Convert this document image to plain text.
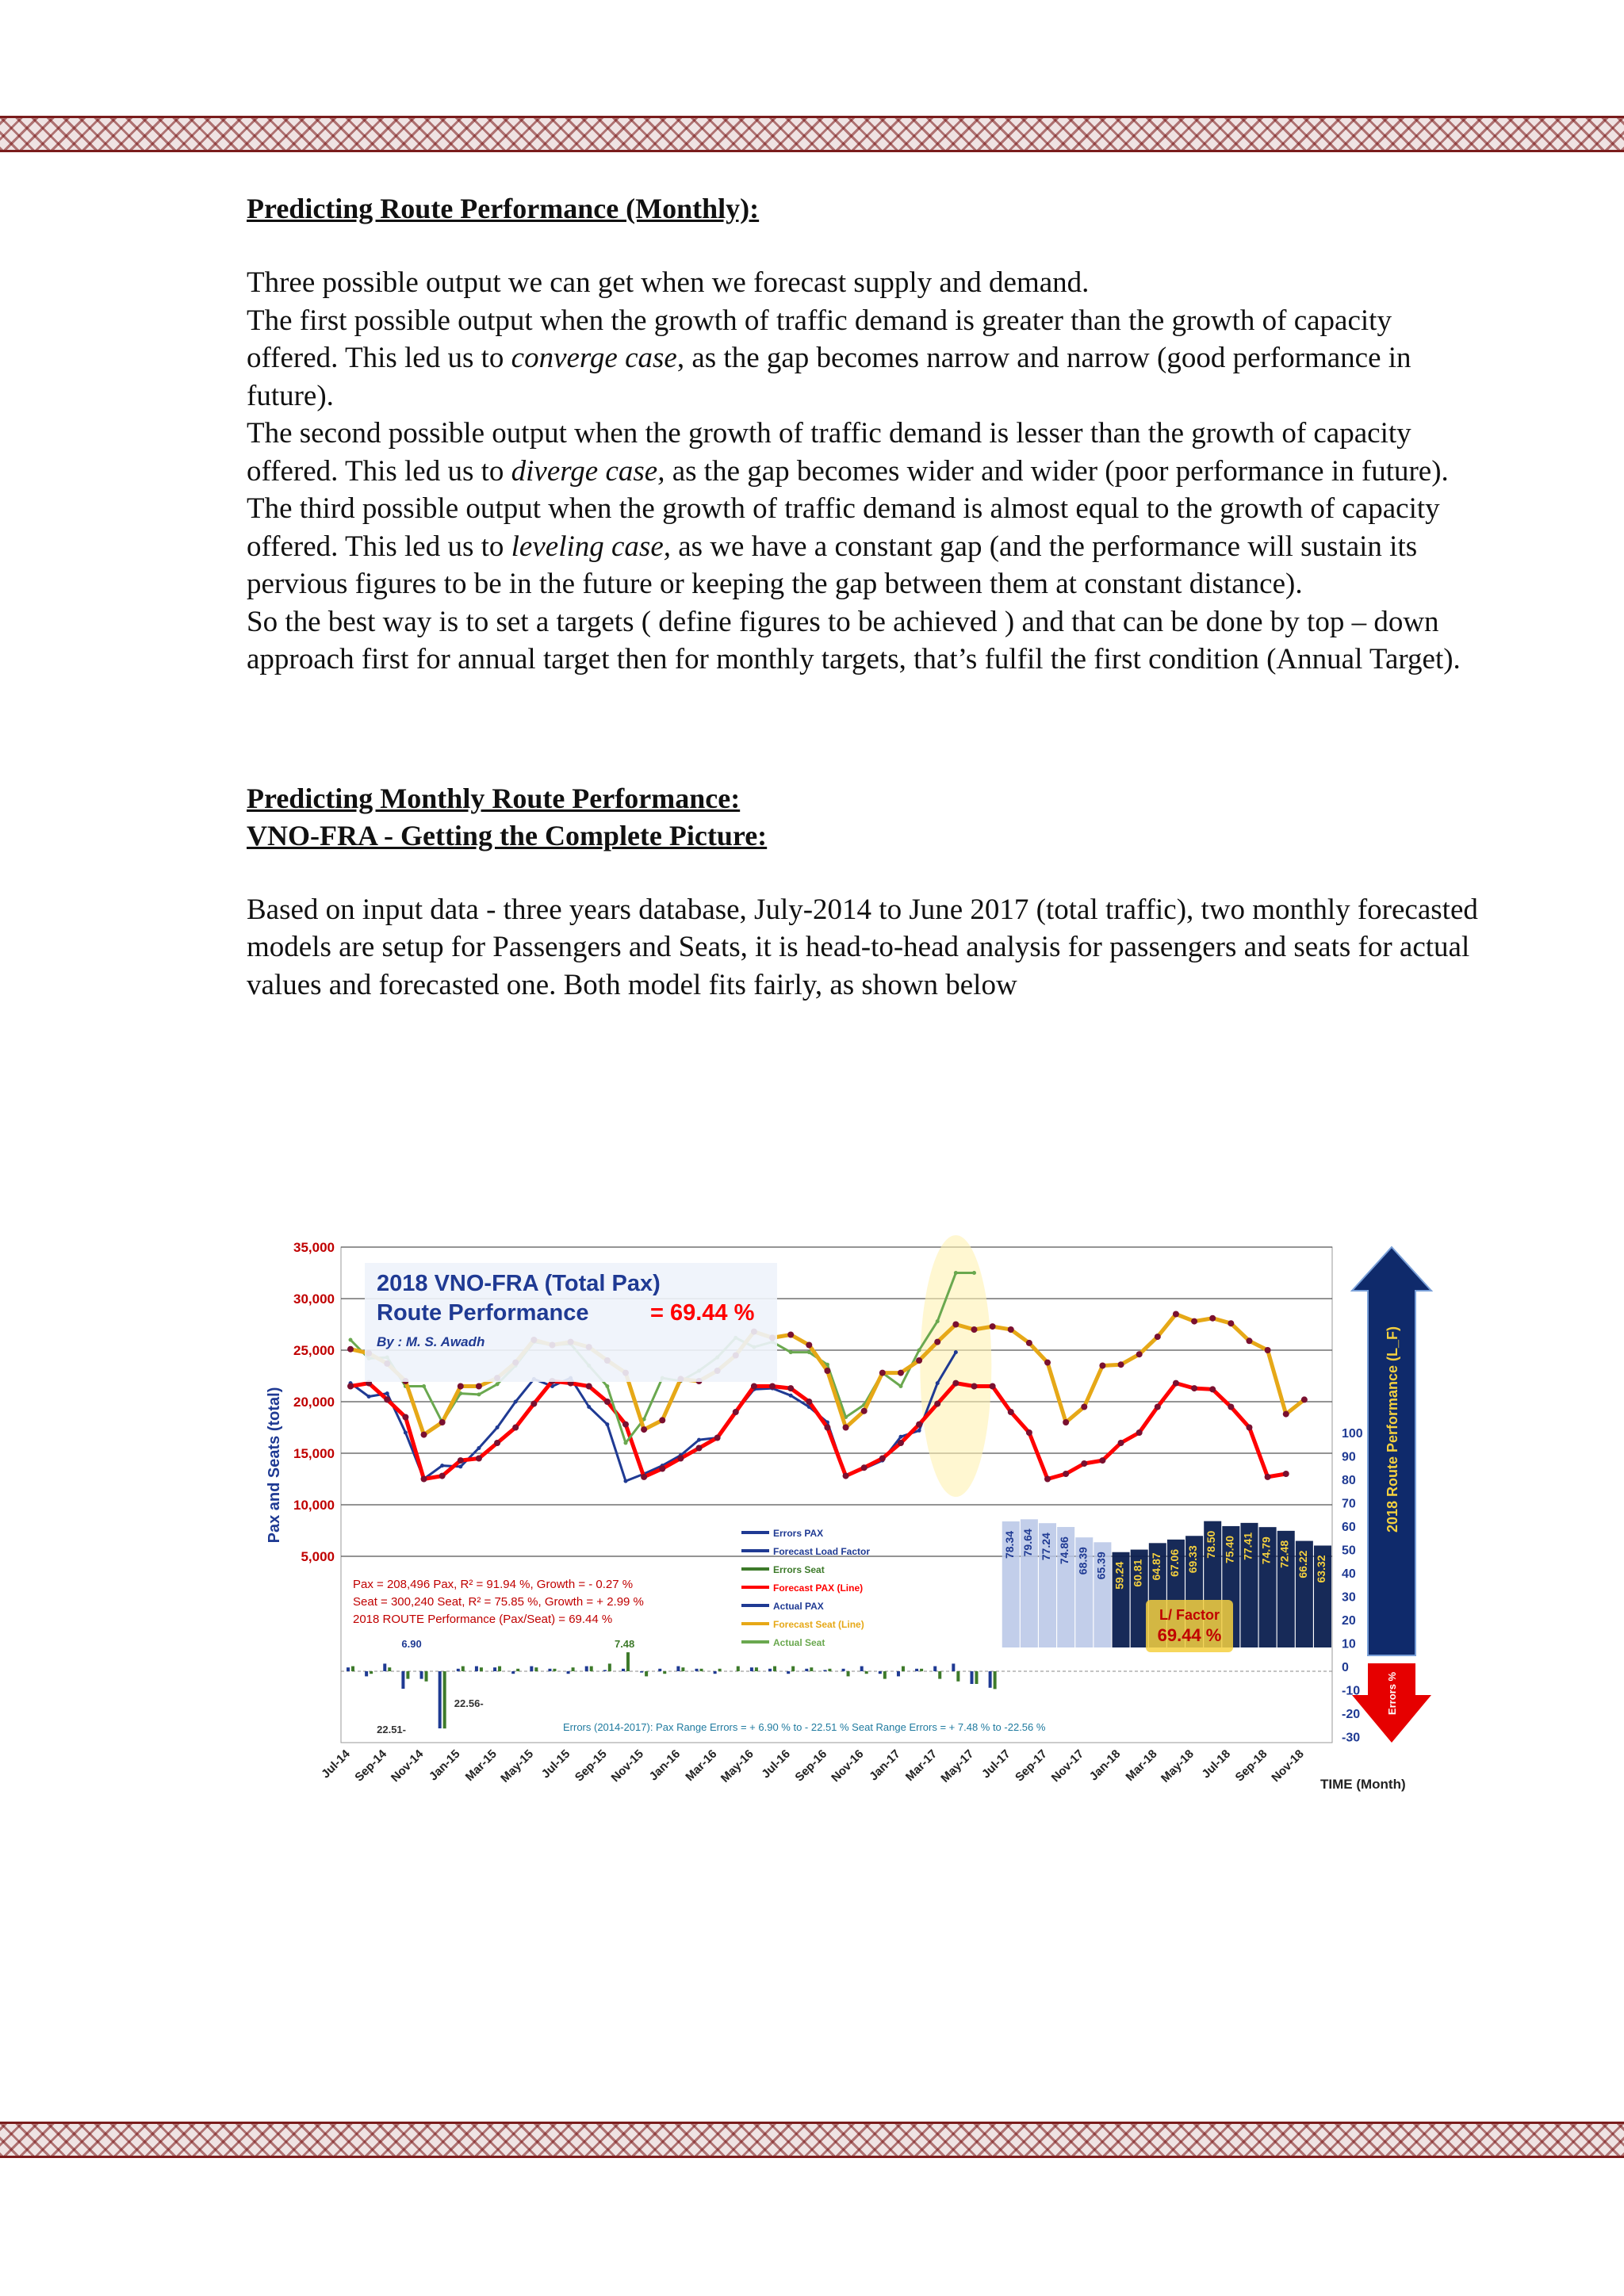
Predicting Route Performance (Monthly):

Three possible output we can get when we forecast supply and demand.

The first possible output when the growth of traffic demand is greater than the growth of capacity offered. This led us to converge case, as the gap becomes narrow and narrow (good performance in future).

The second possible output when the growth of traffic demand is lesser than the growth of capacity offered. This led us to diverge case, as the gap becomes wider and wider (poor performance in future).

The third possible output when the growth of traffic demand is almost equal to the growth of capacity offered. This led us to leveling case, as we have a constant gap (and the performance will sustain its pervious figures to be in the future or keeping the gap between them at constant distance).

So the best way is to set a targets ( define figures to be achieved ) and that can be done by top – down approach first for annual target then for monthly targets, that’s fulfil the first condition (Annual Target).

Predicting Monthly Route Performance:
VNO-FRA - Getting the Complete Picture:

Based on input data - three years database, July-2014 to June 2017 (total traffic), two monthly forecasted models are setup for Passengers and Seats, it is head-to-head analysis for passengers and seats for actual values and forecasted one. Both model fits fairly, as shown below

5,000
10,000
15,000
20,000
25,000
30,000
35,000
Pax and Seats (total)
78.34 79.64 77.24 74.86 68.39 65.39 59.24 60.81 64.87 67.06 69.33
78.50 75.40 77.41 74.79 72.48 66.22 63.32
L/ Factor
69.44 %
6.90
22.51-
22.56-
7.48
2018 VNO-FRA (Total Pax)
Route Performance	= 69.44 %
By : M. S. Awadh
Errors PAX
Forecast Load Factor
Errors Seat
Forecast PAX (Line)
Actual PAX
Forecast Seat (Line)
Actual Seat
Pax = 208,496 Pax, R² = 91.94 %, Growth = - 0.27 %
Seat = 300,240 Seat, R² = 75.85 %, Growth = + 2.99 %
2018 ROUTE Performance (Pax/Seat) = 69.44 %
Errors (2014-2017): Pax Range Errors = + 6.90 % to - 22.51 % Seat Range Errors = + 7.48 % to -22.56 %
Jul-14 Sep-14
Nov-14 Jan-15 Mar-15
May-15 Jul-15 Sep-15
Nov-15 Jan-16 Mar-16
May-16 Jul-16 Sep-16
Nov-16 Jan-17 Mar-17
May-17 Jul-17 Sep-17
Nov-17 Jan-18 Mar-18
May-18 Jul-18 Sep-18
Nov-18 TIME (Month)
100
90
80
70
60
50
40
30
20
10
0
-10
-20
-30
2018 Route Performance (L_F)
Errors %
